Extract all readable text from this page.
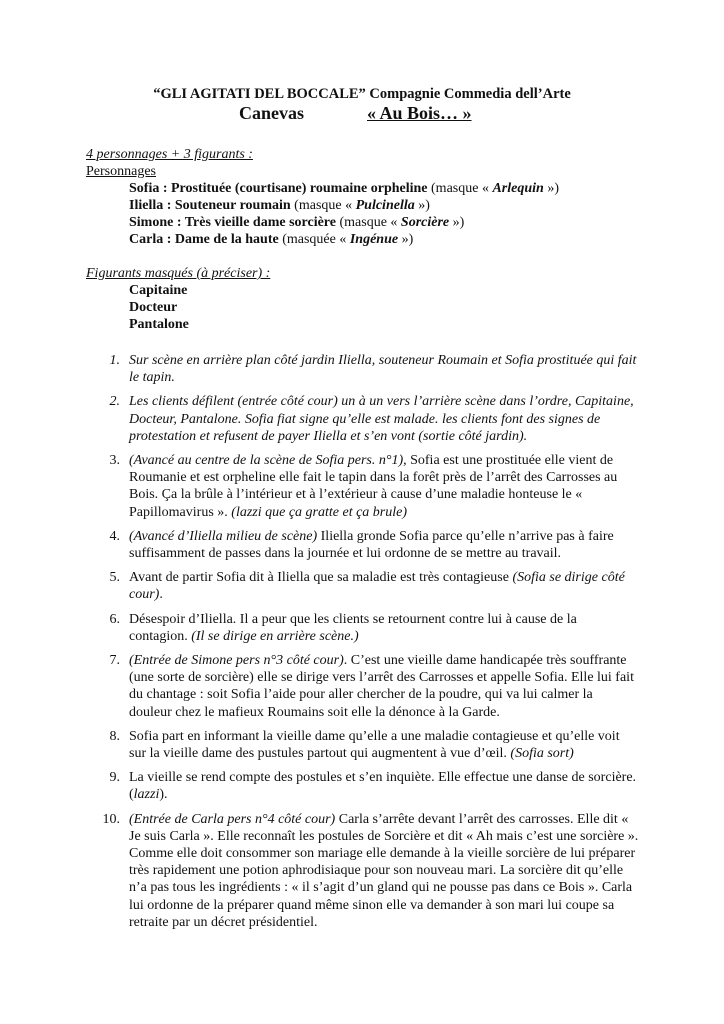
“GLI AGITATI DEL BOCCALE” Compagnie Commedia dell’Arte
Canevas	« Au Bois… »
4 personnages + 3 figurants :
Personnages
Sofia : Prostituée (courtisane) roumaine orpheline (masque « Arlequin »)
Iliella : Souteneur roumain (masque « Pulcinella »)
Simone : Très vieille dame sorcière (masque « Sorcière »)
Carla : Dame de la haute (masquée « Ingénue »)
Figurants masqués (à préciser) :
Capitaine
Docteur
Pantalone
1. Sur scène en arrière plan côté jardin Iliella, souteneur Roumain et Sofia prostituée qui fait le tapin.
2. Les clients défilent (entrée côté cour) un à un vers l’arrière scène dans l’ordre, Capitaine, Docteur, Pantalone. Sofia fiat signe qu’elle est malade. les clients font des signes de protestation et refusent de payer Iliella et s’en vont (sortie côté jardin).
3. (Avancé au centre de la scène de Sofia pers. n°1), Sofia est une prostituée elle vient de Roumanie et est orpheline elle fait le tapin dans la forêt près de l’arrêt des Carrosses au Bois. Ça la brûle à l’intérieur et à l’extérieur à cause d’une maladie honteuse le « Papillomavirus ». (lazzi que ça gratte et ça brule)
4. (Avancé d’Iliella milieu de scène) Iliella gronde Sofia parce qu’elle n’arrive pas à faire suffisamment de passes dans la journée et lui ordonne de se mettre au travail.
5. Avant de partir Sofia dit à Iliella que sa maladie est très contagieuse (Sofia se dirige côté cour).
6. Désespoir d’Iliella. Il a peur que les clients se retournent contre lui à cause de la contagion. (Il se dirige en arrière scène.)
7. (Entrée de Simone pers n°3 côté cour). C’est une vieille dame handicapée très souffrante (une sorte de sorcière) elle se dirige vers l’arrêt des Carrosses et appelle Sofia. Elle lui fait du chantage : soit Sofia l’aide pour aller chercher de la poudre, qui va lui calmer la douleur chez le mafieux Roumains soit elle la dénonce à la Garde.
8. Sofia part en informant la vieille dame qu’elle a une maladie contagieuse et qu’elle voit sur la vieille dame des pustules partout qui augmentent à vue d’œil. (Sofia sort)
9. La vieille se rend compte des postules et s’en inquiète. Elle effectue une danse de sorcière. (lazzi).
10. (Entrée de Carla pers n°4 côté cour) Carla s’arrête devant l’arrêt des carrosses. Elle dit « Je suis Carla ». Elle reconnaît les postules de Sorcière et dit « Ah mais c’est une sorcière ». Comme elle doit consommer son mariage elle demande à la vieille sorcière de lui préparer très rapidement une potion aphrodisiaque pour son nouveau mari. La sorcière dit qu’elle n’a pas tous les ingrédients : « il s’agit d’un gland qui ne pousse pas dans ce Bois ». Carla lui ordonne de la préparer quand même sinon elle va demander à son mari lui coupe sa retraite par un décret présidentiel.
